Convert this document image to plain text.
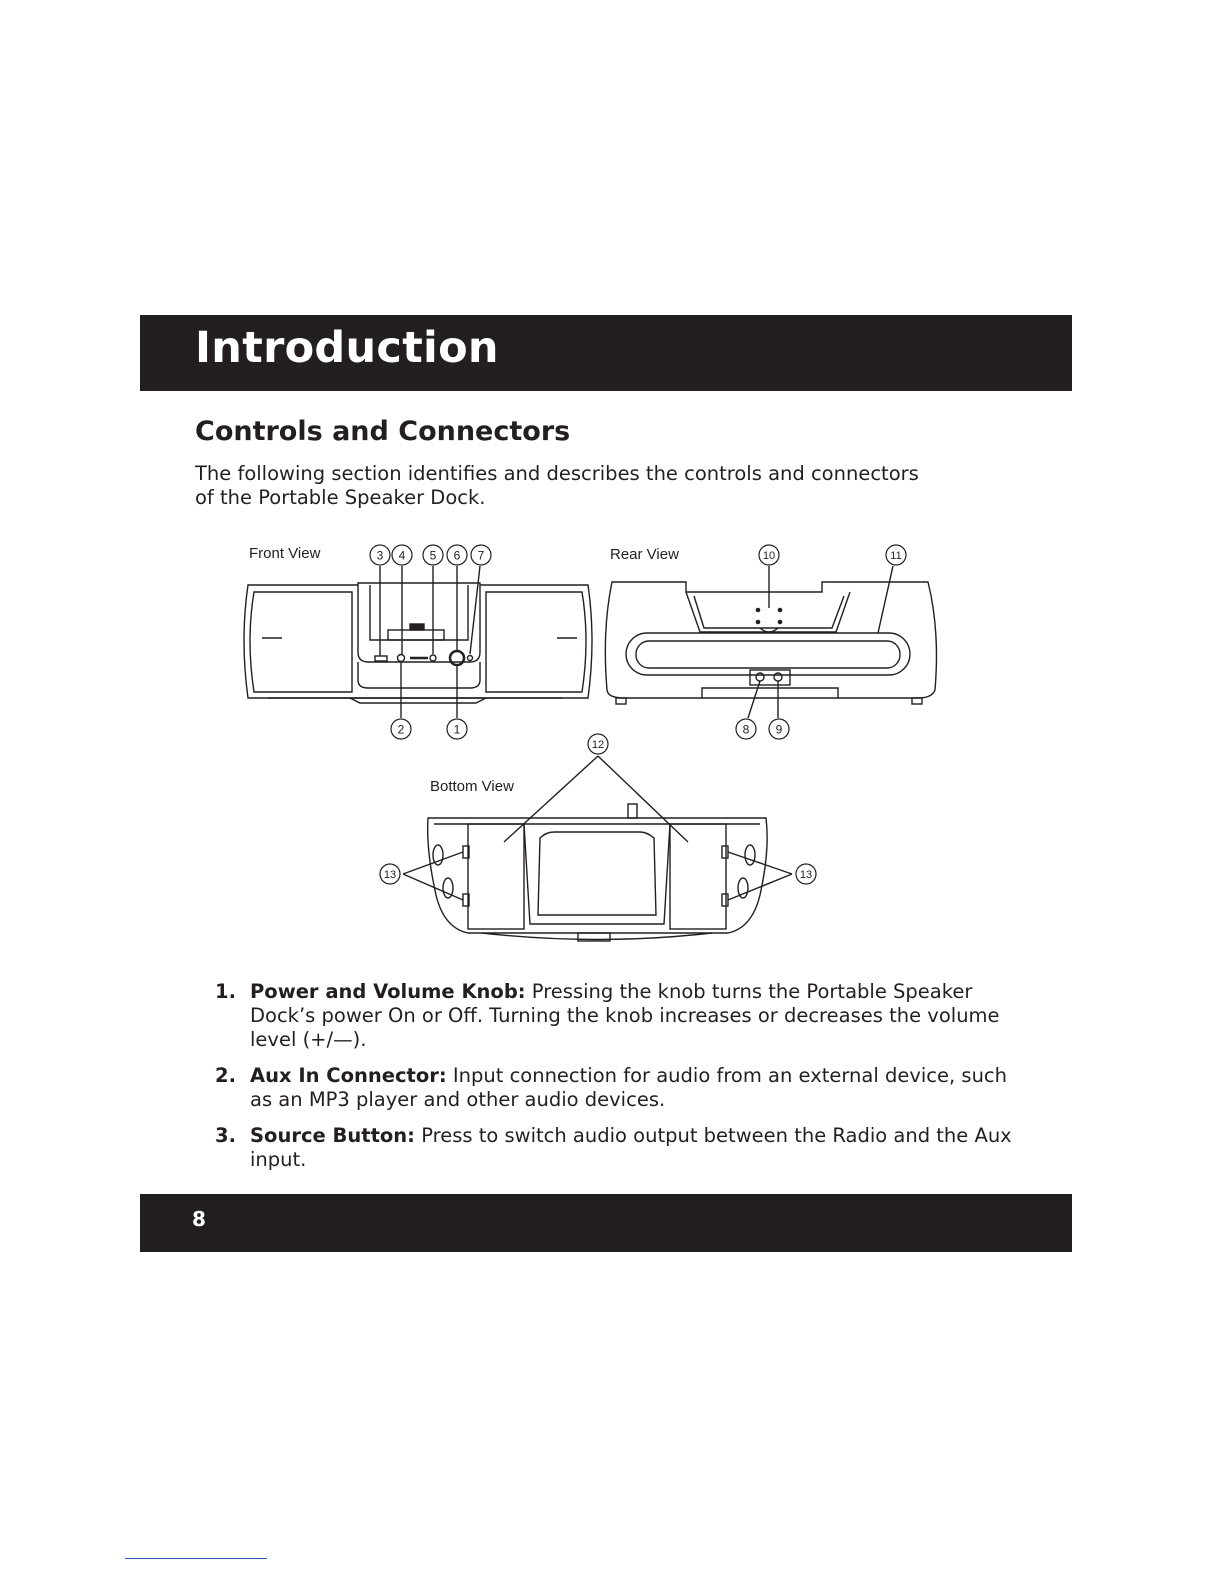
Introduction
Controls and Connectors

The following section identifies and describes the controls and connectors
of the Portable Speaker Dock.

Front View	Rear View
Bottom View
3 4 5 6 7
2	1
10	11
8 9
12
13	13
1. Power and Volume Knob: Pressing the knob turns the Portable Speaker Dock’s power On or Off. Turning the knob increases or decreases the volume level (+/—).
2. Aux In Connector: Input connection for audio from an external device, such as an MP3 player and other audio devices.
3. Source Button: Press to switch audio output between the Radio and the Aux input.
8
